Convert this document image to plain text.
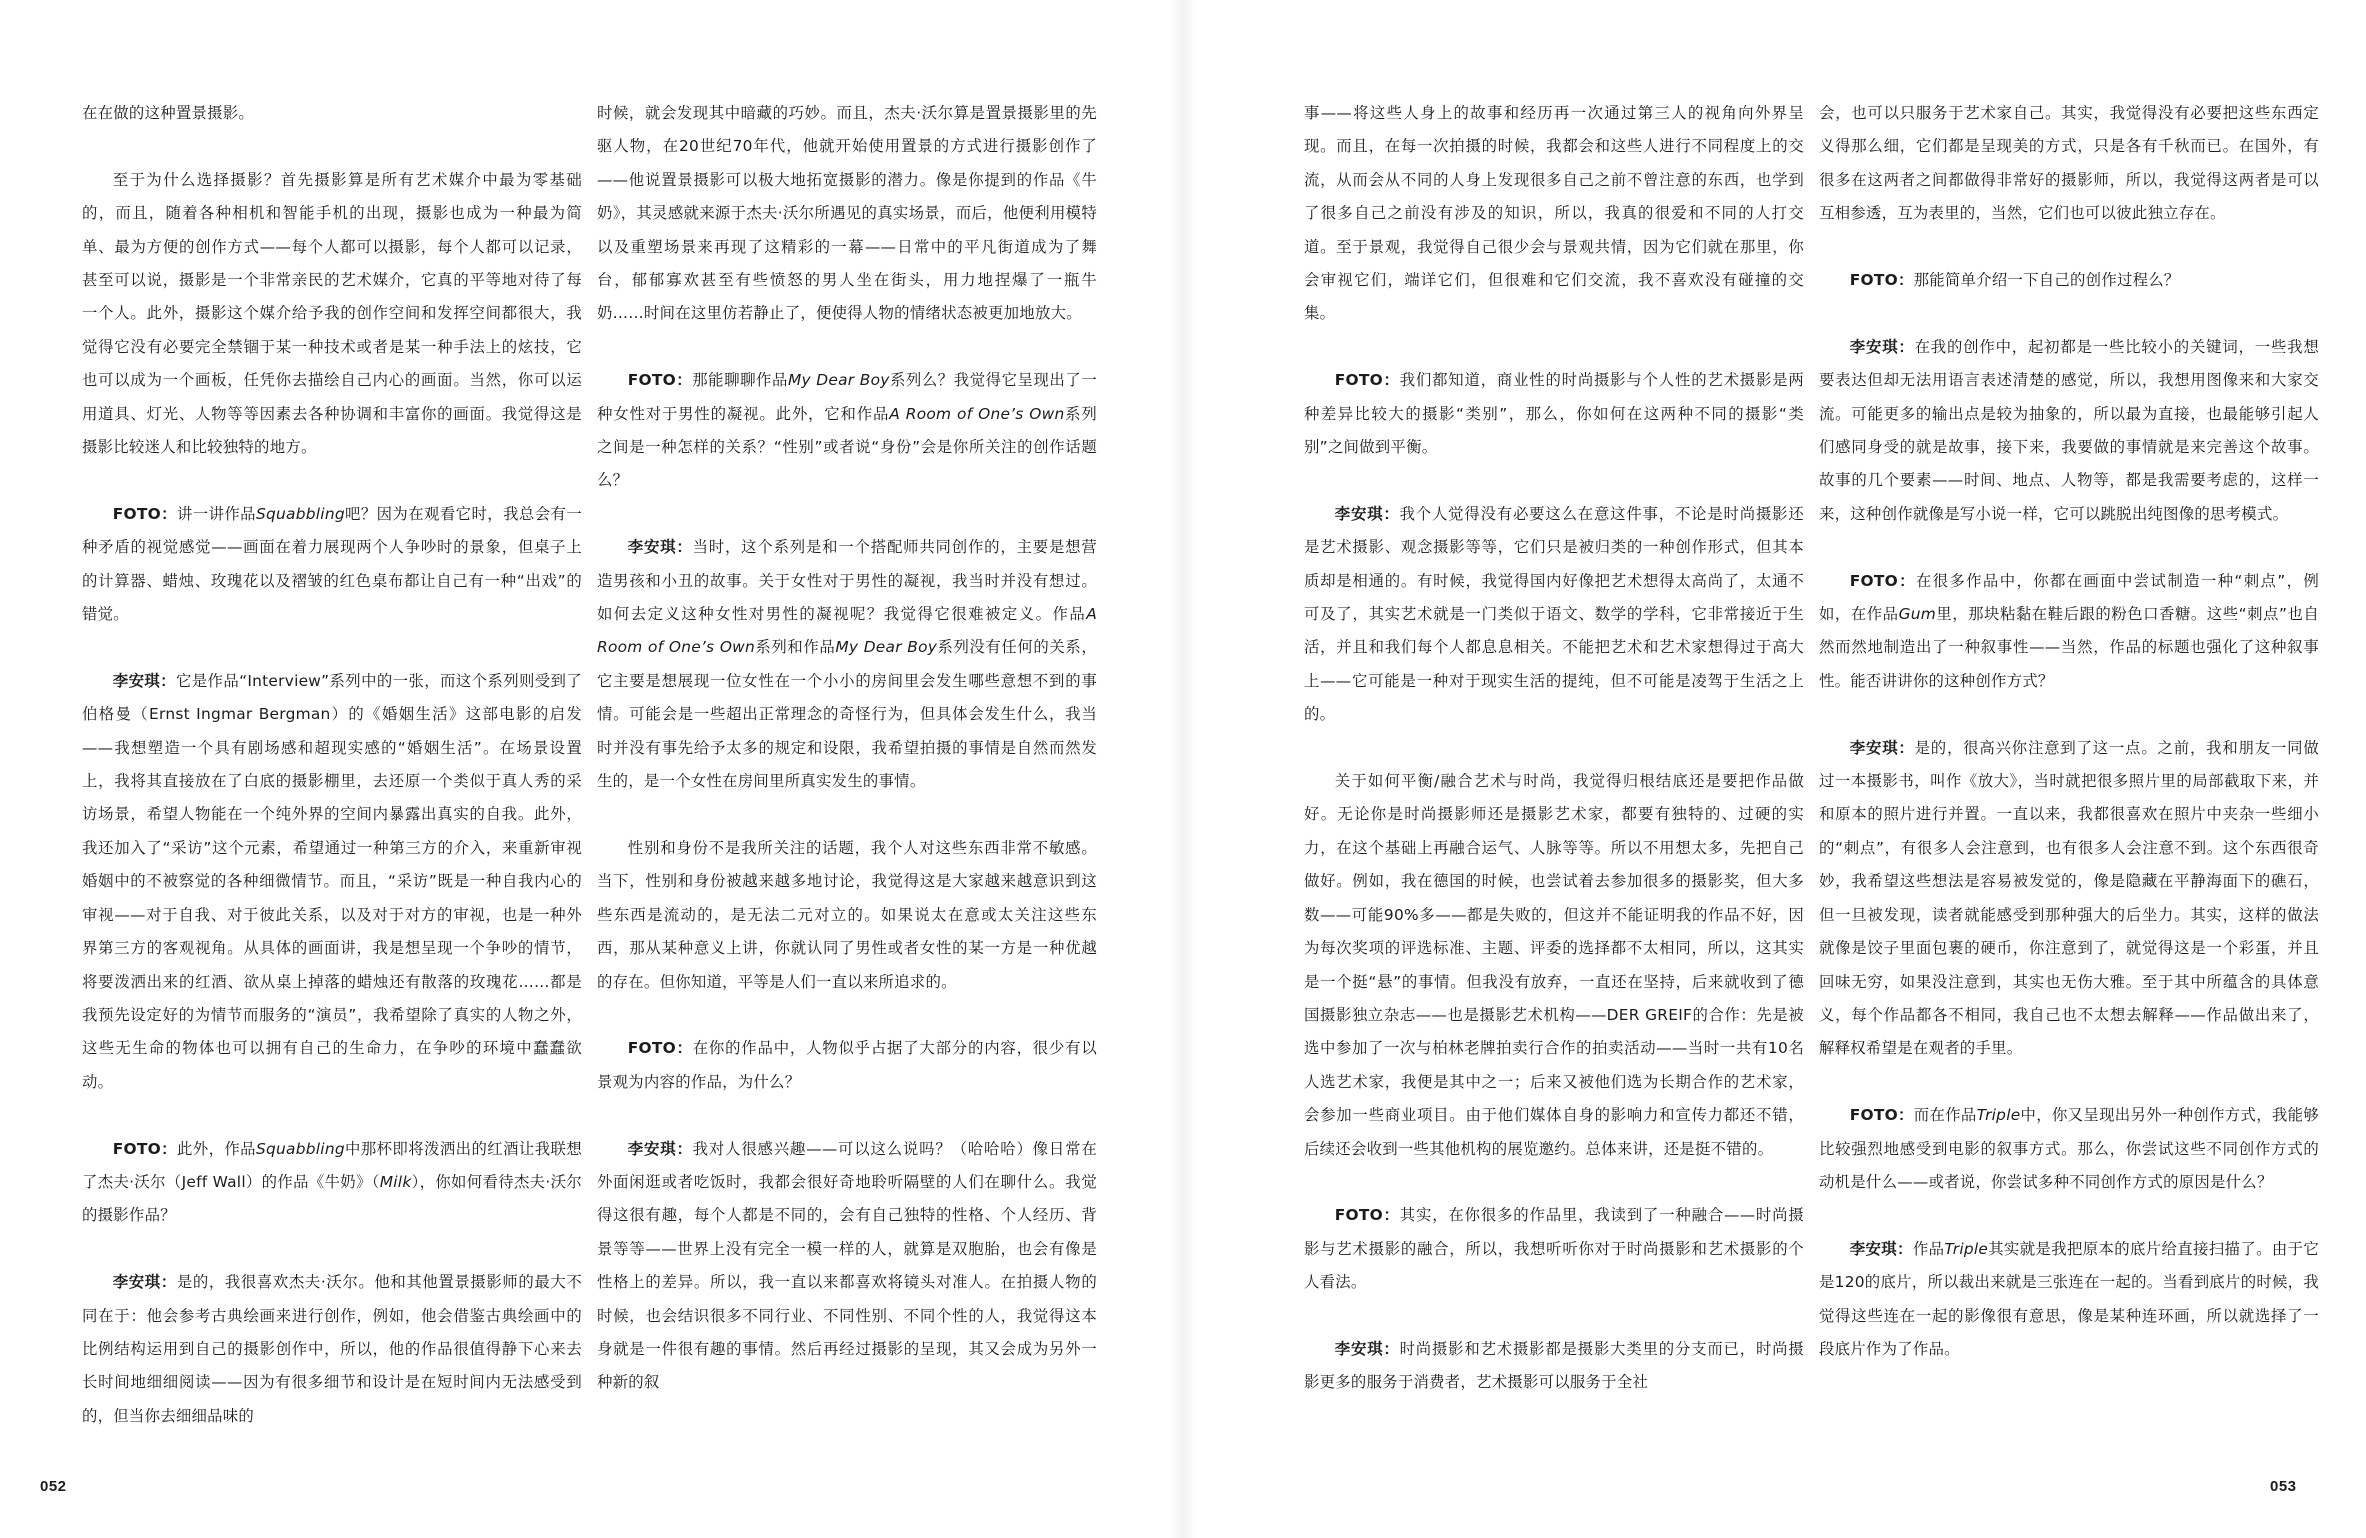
在在做的这种置景摄影。

至于为什么选择摄影？首先摄影算是所有艺术媒介中最为零基础的，而且，随着各种相机和智能手机的出现，摄影也成为一种最为简单、最为方便的创作方式——每个人都可以摄影，每个人都可以记录，甚至可以说，摄影是一个非常亲民的艺术媒介，它真的平等地对待了每一个人。此外，摄影这个媒介给予我的创作空间和发挥空间都很大，我觉得它没有必要完全禁锢于某一种技术或者是某一种手法上的炫技，它也可以成为一个画板，任凭你去描绘自己内心的画面。当然，你可以运用道具、灯光、人物等等因素去各种协调和丰富你的画面。我觉得这是摄影比较迷人和比较独特的地方。

FOTO：讲一讲作品Squabbling吧？因为在观看它时，我总会有一种矛盾的视觉感觉——画面在着力展现两个人争吵时的景象，但桌子上的计算器、蜡烛、玫瑰花以及褶皱的红色桌布都让自己有一种“出戏”的错觉。

李安琪：它是作品“Interview”系列中的一张，而这个系列则受到了伯格曼（Ernst Ingmar Bergman）的《婚姻生活》这部电影的启发——我想塑造一个具有剧场感和超现实感的“婚姻生活”。在场景设置上，我将其直接放在了白底的摄影棚里，去还原一个类似于真人秀的采访场景，希望人物能在一个纯外界的空间内暴露出真实的自我。此外，我还加入了“采访”这个元素，希望通过一种第三方的介入，来重新审视婚姻中的不被察觉的各种细微情节。而且，“采访”既是一种自我内心的审视——对于自我、对于彼此关系，以及对于对方的审视，也是一种外界第三方的客观视角。从具体的画面讲，我是想呈现一个争吵的情节，将要泼洒出来的红酒、欲从桌上掉落的蜡烛还有散落的玫瑰花……都是我预先设定好的为情节而服务的“演员”，我希望除了真实的人物之外，这些无生命的物体也可以拥有自己的生命力，在争吵的环境中蠢蠢欲动。

FOTO：此外，作品Squabbling中那杯即将泼洒出的红酒让我联想了杰夫·沃尔（Jeff Wall）的作品《牛奶》（Milk），你如何看待杰夫·沃尔的摄影作品？

李安琪：是的，我很喜欢杰夫·沃尔。他和其他置景摄影师的最大不同在于：他会参考古典绘画来进行创作，例如，他会借鉴古典绘画中的比例结构运用到自己的摄影创作中，所以，他的作品很值得静下心来去长时间地细细阅读——因为有很多细节和设计是在短时间内无法感受到的，但当你去细细品味的

时候，就会发现其中暗藏的巧妙。而且，杰夫·沃尔算是置景摄影里的先驱人物，在20世纪70年代，他就开始使用置景的方式进行摄影创作了——他说置景摄影可以极大地拓宽摄影的潜力。像是你提到的作品《牛奶》，其灵感就来源于杰夫·沃尔所遇见的真实场景，而后，他便利用模特以及重塑场景来再现了这精彩的一幕——日常中的平凡街道成为了舞台，郁郁寡欢甚至有些愤怒的男人坐在街头，用力地捏爆了一瓶牛奶……时间在这里仿若静止了，便使得人物的情绪状态被更加地放大。

FOTO：那能聊聊作品My Dear Boy系列么？我觉得它呈现出了一种女性对于男性的凝视。此外，它和作品A Room of One’s Own系列之间是一种怎样的关系？“性别”或者说“身份”会是你所关注的创作话题么？

李安琪：当时，这个系列是和一个搭配师共同创作的，主要是想营造男孩和小丑的故事。关于女性对于男性的凝视，我当时并没有想过。如何去定义这种女性对男性的凝视呢？我觉得它很难被定义。作品A Room of One’s Own系列和作品My Dear Boy系列没有任何的关系，它主要是想展现一位女性在一个小小的房间里会发生哪些意想不到的事情。可能会是一些超出正常理念的奇怪行为，但具体会发生什么，我当时并没有事先给予太多的规定和设限，我希望拍摄的事情是自然而然发生的，是一个女性在房间里所真实发生的事情。

性别和身份不是我所关注的话题，我个人对这些东西非常不敏感。当下，性别和身份被越来越多地讨论，我觉得这是大家越来越意识到这些东西是流动的，是无法二元对立的。如果说太在意或太关注这些东西，那从某种意义上讲，你就认同了男性或者女性的某一方是一种优越的存在。但你知道，平等是人们一直以来所追求的。

FOTO：在你的作品中，人物似乎占据了大部分的内容，很少有以景观为内容的作品，为什么？

李安琪：我对人很感兴趣——可以这么说吗？（哈哈哈）像日常在外面闲逛或者吃饭时，我都会很好奇地聆听隔壁的人们在聊什么。我觉得这很有趣，每个人都是不同的，会有自己独特的性格、个人经历、背景等等——世界上没有完全一模一样的人，就算是双胞胎，也会有像是性格上的差异。所以，我一直以来都喜欢将镜头对准人。在拍摄人物的时候，也会结识很多不同行业、不同性别、不同个性的人，我觉得这本身就是一件很有趣的事情。然后再经过摄影的呈现，其又会成为另外一种新的叙

事——将这些人身上的故事和经历再一次通过第三人的视角向外界呈现。而且，在每一次拍摄的时候，我都会和这些人进行不同程度上的交流，从而会从不同的人身上发现很多自己之前不曾注意的东西，也学到了很多自己之前没有涉及的知识，所以，我真的很爱和不同的人打交道。至于景观，我觉得自己很少会与景观共情，因为它们就在那里，你会审视它们，端详它们，但很难和它们交流，我不喜欢没有碰撞的交集。

FOTO：我们都知道，商业性的时尚摄影与个人性的艺术摄影是两种差异比较大的摄影“类别”，那么，你如何在这两种不同的摄影“类别”之间做到平衡。

李安琪：我个人觉得没有必要这么在意这件事，不论是时尚摄影还是艺术摄影、观念摄影等等，它们只是被归类的一种创作形式，但其本质却是相通的。有时候，我觉得国内好像把艺术想得太高尚了，太通不可及了，其实艺术就是一门类似于语文、数学的学科，它非常接近于生活，并且和我们每个人都息息相关。不能把艺术和艺术家想得过于高大上——它可能是一种对于现实生活的提纯，但不可能是凌驾于生活之上的。

关于如何平衡/融合艺术与时尚，我觉得归根结底还是要把作品做好。无论你是时尚摄影师还是摄影艺术家，都要有独特的、过硬的实力，在这个基础上再融合运气、人脉等等。所以不用想太多，先把自己做好。例如，我在德国的时候，也尝试着去参加很多的摄影奖，但大多数——可能90%多——都是失败的，但这并不能证明我的作品不好，因为每次奖项的评选标准、主题、评委的选择都不太相同，所以，这其实是一个挺“悬”的事情。但我没有放弃，一直还在坚持，后来就收到了德国摄影独立杂志——也是摄影艺术机构——DER GREIF的合作：先是被选中参加了一次与柏林老牌拍卖行合作的拍卖活动——当时一共有10名人选艺术家，我便是其中之一；后来又被他们选为长期合作的艺术家，会参加一些商业项目。由于他们媒体自身的影响力和宣传力都还不错，后续还会收到一些其他机构的展览邀约。总体来讲，还是挺不错的。

FOTO：其实，在你很多的作品里，我读到了一种融合——时尚摄影与艺术摄影的融合，所以，我想听听你对于时尚摄影和艺术摄影的个人看法。

李安琪：时尚摄影和艺术摄影都是摄影大类里的分支而已，时尚摄影更多的服务于消费者，艺术摄影可以服务于全社

会，也可以只服务于艺术家自己。其实，我觉得没有必要把这些东西定义得那么细，它们都是呈现美的方式，只是各有千秋而已。在国外，有很多在这两者之间都做得非常好的摄影师，所以，我觉得这两者是可以互相参透，互为表里的，当然，它们也可以彼此独立存在。

FOTO：那能简单介绍一下自己的创作过程么？

李安琪：在我的创作中，起初都是一些比较小的关键词，一些我想要表达但却无法用语言表述清楚的感觉，所以，我想用图像来和大家交流。可能更多的输出点是较为抽象的，所以最为直接，也最能够引起人们感同身受的就是故事，接下来，我要做的事情就是来完善这个故事。故事的几个要素——时间、地点、人物等，都是我需要考虑的，这样一来，这种创作就像是写小说一样，它可以跳脱出纯图像的思考模式。

FOTO：在很多作品中，你都在画面中尝试制造一种“刺点”，例如，在作品Gum里，那块粘黏在鞋后跟的粉色口香糖。这些“刺点”也自然而然地制造出了一种叙事性——当然，作品的标题也强化了这种叙事性。能否讲讲你的这种创作方式？

李安琪：是的，很高兴你注意到了这一点。之前，我和朋友一同做过一本摄影书，叫作《放大》，当时就把很多照片里的局部截取下来，并和原本的照片进行并置。一直以来，我都很喜欢在照片中夹杂一些细小的“刺点”，有很多人会注意到，也有很多人会注意不到。这个东西很奇妙，我希望这些想法是容易被发觉的，像是隐藏在平静海面下的礁石，但一旦被发现，读者就能感受到那种强大的后坐力。其实，这样的做法就像是饺子里面包裹的硬币，你注意到了，就觉得这是一个彩蛋，并且回味无穷，如果没注意到，其实也无伤大雅。至于其中所蕴含的具体意义，每个作品都各不相同，我自己也不太想去解释——作品做出来了，解释权希望是在观者的手里。

FOTO：而在作品Triple中，你又呈现出另外一种创作方式，我能够比较强烈地感受到电影的叙事方式。那么，你尝试这些不同创作方式的动机是什么——或者说，你尝试多种不同创作方式的原因是什么？

李安琪：作品Triple其实就是我把原本的底片给直接扫描了。由于它是120的底片，所以裁出来就是三张连在一起的。当看到底片的时候，我觉得这些连在一起的影像很有意思，像是某种连环画，所以就选择了一段底片作为了作品。

052	053
